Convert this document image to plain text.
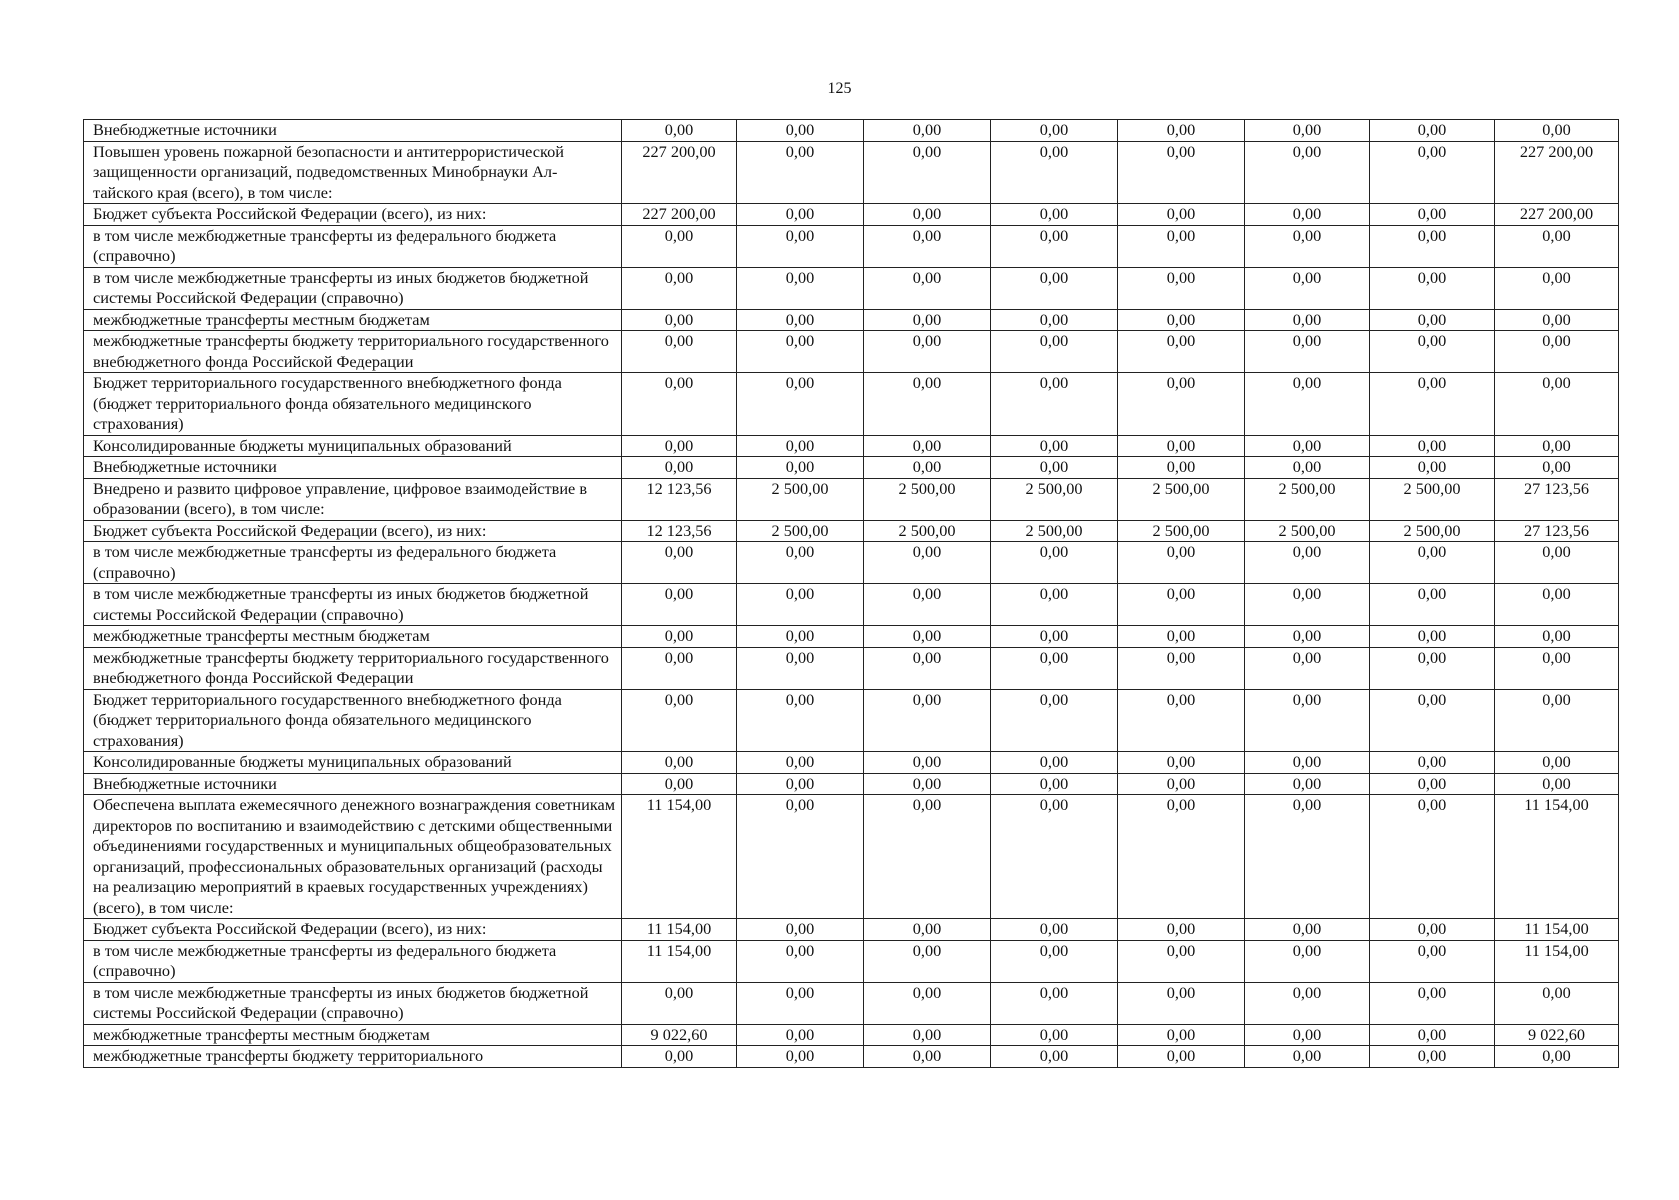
125
Внебюджетные источники	0,00	0,00	0,00	0,00	0,00	0,00	0,00	0,00
Повышен уровень пожарной безопасности и антитеррористической защищенности организаций, подведомственных Минобрнауки Ал-тайского края (всего), в том числе:	227 200,00	0,00	0,00	0,00	0,00	0,00	0,00	227 200,00
Бюджет субъекта Российской Федерации (всего), из них:	227 200,00	0,00	0,00	0,00	0,00	0,00	0,00	227 200,00
в том числе межбюджетные трансферты из федерального бюджета (справочно)	0,00	0,00	0,00	0,00	0,00	0,00	0,00	0,00
в том числе межбюджетные трансферты из иных бюджетов бюджетной системы Российской Федерации (справочно)	0,00	0,00	0,00	0,00	0,00	0,00	0,00	0,00
межбюджетные трансферты местным бюджетам	0,00	0,00	0,00	0,00	0,00	0,00	0,00	0,00
межбюджетные трансферты бюджету территориального государственного внебюджетного фонда Российской Федерации	0,00	0,00	0,00	0,00	0,00	0,00	0,00	0,00
Бюджет территориального государственного внебюджетного фонда (бюджет территориального фонда обязательного медицинского страхования)	0,00	0,00	0,00	0,00	0,00	0,00	0,00	0,00
Консолидированные бюджеты муниципальных образований	0,00	0,00	0,00	0,00	0,00	0,00	0,00	0,00
Внебюджетные источники	0,00	0,00	0,00	0,00	0,00	0,00	0,00	0,00
Внедрено и развито цифровое управление, цифровое взаимодействие в образовании (всего), в том числе:	12 123,56	2 500,00	2 500,00	2 500,00	2 500,00	2 500,00	2 500,00	27 123,56
Бюджет субъекта Российской Федерации (всего), из них:	12 123,56	2 500,00	2 500,00	2 500,00	2 500,00	2 500,00	2 500,00	27 123,56
в том числе межбюджетные трансферты из федерального бюджета (справочно)	0,00	0,00	0,00	0,00	0,00	0,00	0,00	0,00
в том числе межбюджетные трансферты из иных бюджетов бюджетной системы Российской Федерации (справочно)	0,00	0,00	0,00	0,00	0,00	0,00	0,00	0,00
межбюджетные трансферты местным бюджетам	0,00	0,00	0,00	0,00	0,00	0,00	0,00	0,00
межбюджетные трансферты бюджету территориального государственного внебюджетного фонда Российской Федерации	0,00	0,00	0,00	0,00	0,00	0,00	0,00	0,00
Бюджет территориального государственного внебюджетного фонда (бюджет территориального фонда обязательного медицинского страхования)	0,00	0,00	0,00	0,00	0,00	0,00	0,00	0,00
Консолидированные бюджеты муниципальных образований	0,00	0,00	0,00	0,00	0,00	0,00	0,00	0,00
Внебюджетные источники	0,00	0,00	0,00	0,00	0,00	0,00	0,00	0,00
Обеспечена выплата ежемесячного денежного вознаграждения советникам директоров по воспитанию и взаимодействию с детскими общественными объединениями государственных и муниципальных общеобразовательных организаций, профессиональных образовательных организаций (расходы на реализацию мероприятий в краевых государственных учреждениях) (всего), в том числе:	11 154,00	0,00	0,00	0,00	0,00	0,00	0,00	11 154,00
Бюджет субъекта Российской Федерации (всего), из них:	11 154,00	0,00	0,00	0,00	0,00	0,00	0,00	11 154,00
в том числе межбюджетные трансферты из федерального бюджета (справочно)	11 154,00	0,00	0,00	0,00	0,00	0,00	0,00	11 154,00
в том числе межбюджетные трансферты из иных бюджетов бюджетной системы Российской Федерации (справочно)	0,00	0,00	0,00	0,00	0,00	0,00	0,00	0,00
межбюджетные трансферты местным бюджетам	9 022,60	0,00	0,00	0,00	0,00	0,00	0,00	9 022,60
межбюджетные трансферты бюджету территориального	0,00	0,00	0,00	0,00	0,00	0,00	0,00	0,00
